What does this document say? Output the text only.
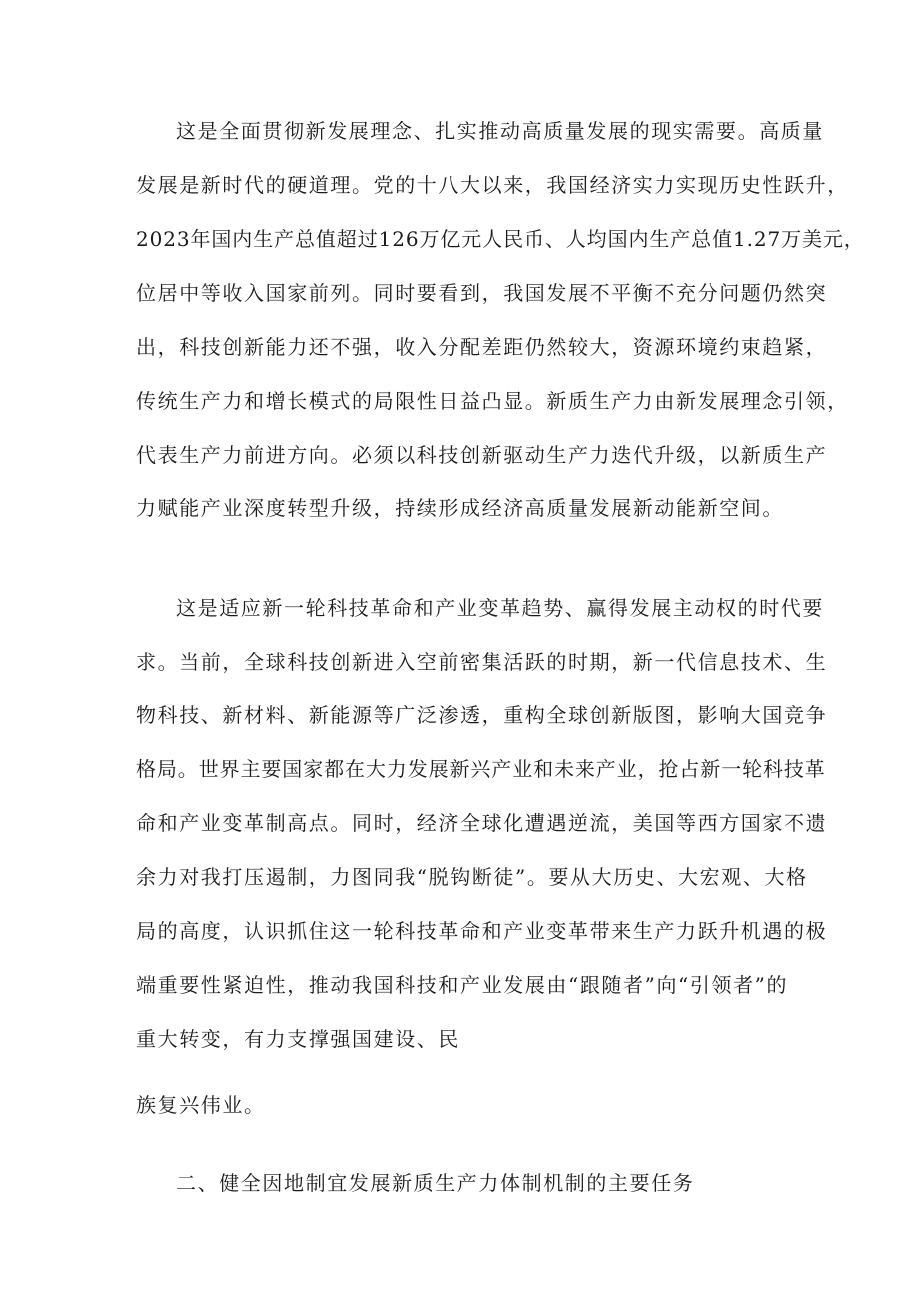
这是全面贯彻新发展理念、扎实推动高质量发展的现实需要。高质量
发展是新时代的硬道理。党的十八大以来，我国经济实力实现历史性跃升，
2023年国内生产总值超过126万亿元人民币、人均国内生产总值1.27万美元，
位居中等收入国家前列。同时要看到，我国发展不平衡不充分问题仍然突
出，科技创新能力还不强，收入分配差距仍然较大，资源环境约束趋紧，
传统生产力和增长模式的局限性日益凸显。新质生产力由新发展理念引领，
代表生产力前进方向。必须以科技创新驱动生产力迭代升级，以新质生产
力赋能产业深度转型升级，持续形成经济高质量发展新动能新空间。
这是适应新一轮科技革命和产业变革趋势、赢得发展主动权的时代要
求。当前，全球科技创新进入空前密集活跃的时期，新一代信息技术、生
物科技、新材料、新能源等广泛渗透，重构全球创新版图，影响大国竞争
格局。世界主要国家都在大力发展新兴产业和未来产业，抢占新一轮科技革
命和产业变革制高点。同时，经济全球化遭遇逆流，美国等西方国家不遗
余力对我打压遏制，力图同我“脱钩断徒”。要从大历史、大宏观、大格
局的高度，认识抓住这一轮科技革命和产业变革带来生产力跃升机遇的极
端重要性紧迫性，推动我国科技和产业发展由“跟随者”向“引领者”的
重大转变，有力支撑强国建设、民
族复兴伟业。
二、健全因地制宜发展新质生产力体制机制的主要任务
